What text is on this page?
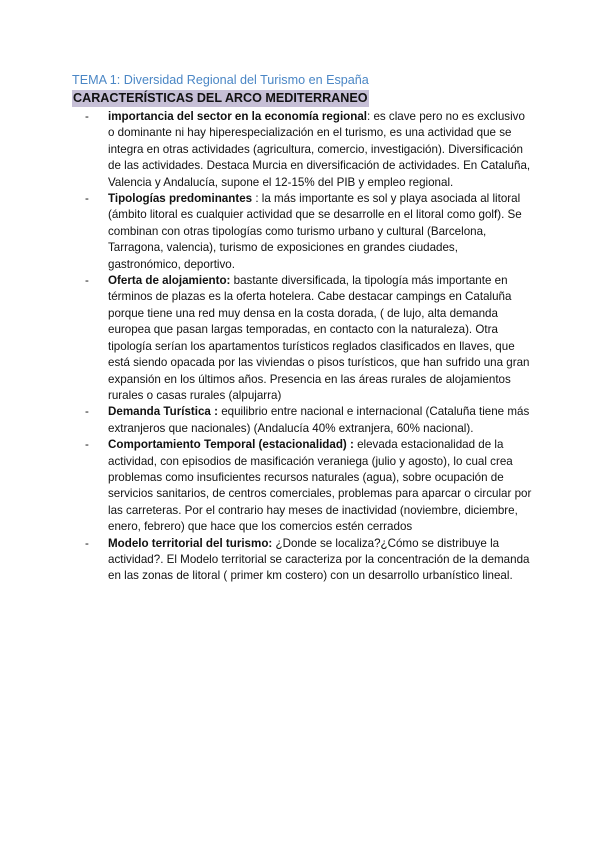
TEMA 1: Diversidad Regional del Turismo en España

CARACTERÍSTICAS DEL ARCO MEDITERRANEO

- importancia del sector en la economía regional: es clave pero no es exclusivo o dominante ni hay hiperespecialización en el turismo, es una actividad que se integra en otras actividades (agricultura, comercio, investigación). Diversificación de las actividades. Destaca Murcia en diversificación de actividades. En Cataluña, Valencia y Andalucía, supone el 12-15% del PIB y empleo regional.
- Tipologías predominantes : la más importante es sol y playa asociada al litoral (ámbito litoral es cualquier actividad que se desarrolle en el litoral como golf). Se combinan con otras tipologías como turismo urbano y cultural (Barcelona, Tarragona, valencia), turismo de exposiciones en grandes ciudades, gastronómico, deportivo.
- Oferta de alojamiento: bastante diversificada, la tipología más importante en términos de plazas es la oferta hotelera. Cabe destacar campings en Cataluña porque tiene una red muy densa en la costa dorada, ( de lujo, alta demanda europea que pasan largas temporadas, en contacto con la naturaleza). Otra tipología serían los apartamentos turísticos reglados clasificados en llaves, que está siendo opacada por las viviendas o pisos turísticos, que han sufrido una gran expansión en los últimos años. Presencia en las áreas rurales de alojamientos rurales o casas rurales (alpujarra)
- Demanda Turística : equilibrio entre nacional e internacional (Cataluña tiene más extranjeros que nacionales) (Andalucía 40% extranjera, 60% nacional).
- Comportamiento Temporal (estacionalidad) : elevada estacionalidad de la actividad, con episodios de masificación veraniega (julio y agosto), lo cual crea problemas como insuficientes recursos naturales (agua), sobre ocupación de servicios sanitarios, de centros comerciales, problemas para aparcar o circular por las carreteras. Por el contrario hay meses de inactividad (noviembre, diciembre, enero, febrero) que hace que los comercios estén cerrados
- Modelo territorial del turismo: ¿Donde se localiza?¿Cómo se distribuye la actividad?. El Modelo territorial se caracteriza por la concentración de la demanda en las zonas de litoral ( primer km costero) con un desarrollo urbanístico lineal.
